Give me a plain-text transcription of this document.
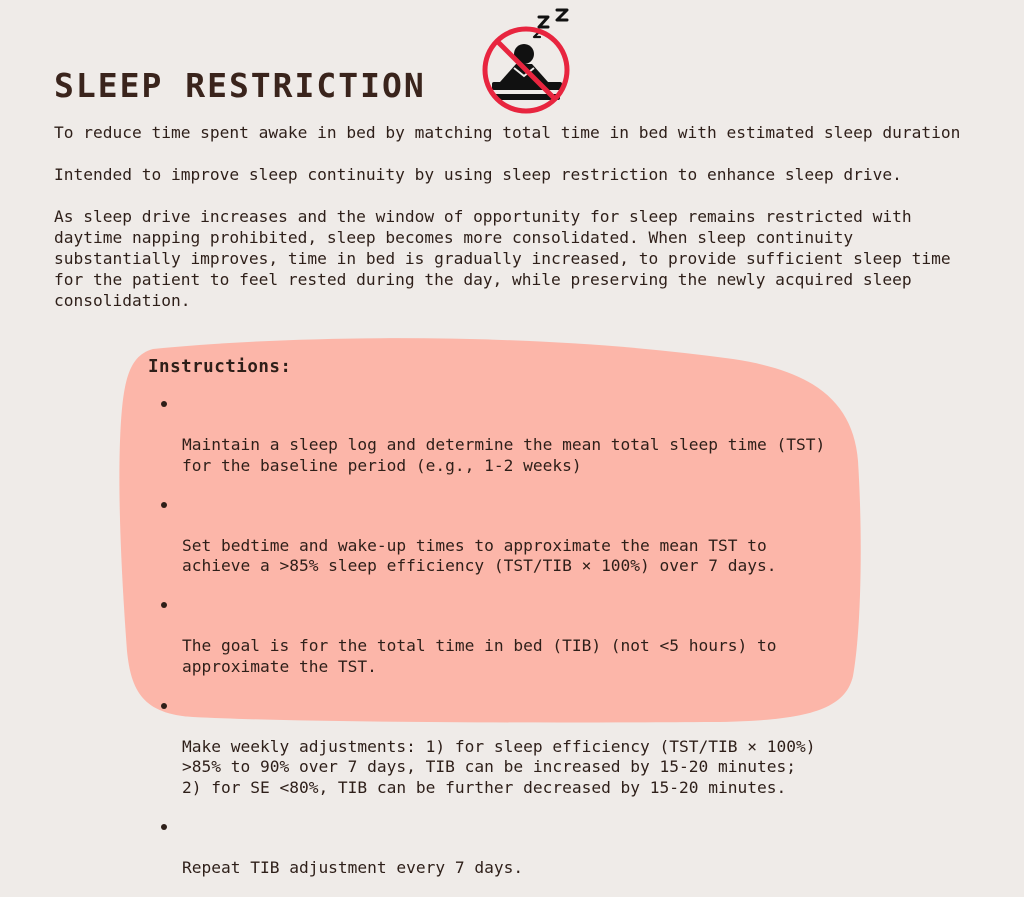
SLEEP RESTRICTION

To reduce time spent awake in bed by matching total time in bed with estimated sleep duration

Intended to improve sleep continuity by using sleep restriction to enhance sleep drive.

As sleep drive increases and the window of opportunity for sleep remains restricted with daytime napping prohibited, sleep becomes more consolidated. When sleep continuity substantially improves, time in bed is gradually increased, to provide sufficient sleep time for the patient to feel rested during the day, while preserving the newly acquired sleep consolidation.

Instructions:

Maintain a sleep log and determine the mean total sleep time (TST)
for the baseline period (e.g., 1-2 weeks)

Set bedtime and wake-up times to approximate the mean TST to
achieve a >85% sleep efficiency (TST/TIB × 100%) over 7 days.

The goal is for the total time in bed (TIB) (not <5 hours) to
approximate the TST.

Make weekly adjustments: 1) for sleep efficiency (TST/TIB × 100%)
>85% to 90% over 7 days, TIB can be increased by 15-20 minutes;
2) for SE <80%, TIB can be further decreased by 15-20 minutes.

Repeat TIB adjustment every 7 days.
